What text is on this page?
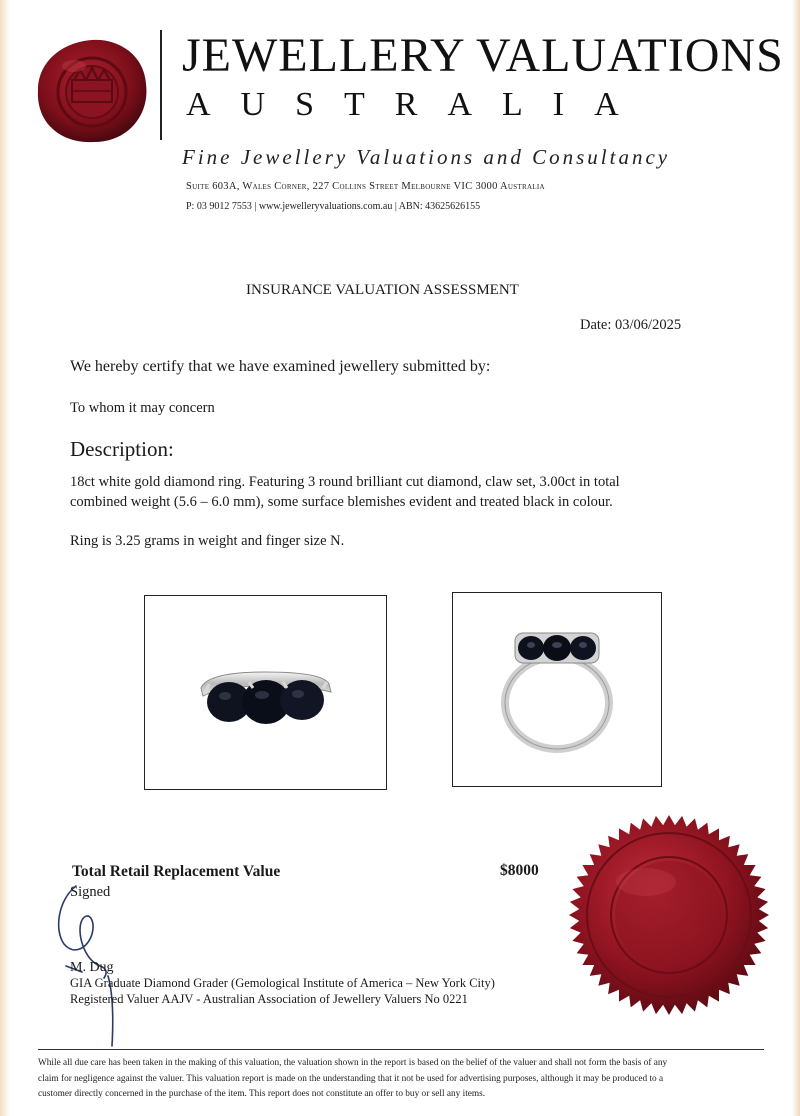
JEWELLERY VALUATIONS
AUSTRALIA
Fine Jewellery Valuations and Consultancy
Suite 603A, Wales Corner, 227 Collins Street Melbourne VIC 3000 Australia
P: 03 9012 7553 | www.jewelleryvaluations.com.au | ABN: 43625626155
INSURANCE VALUATION ASSESSMENT
Date: 03/06/2025
We hereby certify that we have examined jewellery submitted by:
To whom it may concern
Description:
18ct white gold diamond ring. Featuring 3 round brilliant cut diamond, claw set, 3.00ct in total
combined weight (5.6 – 6.0 mm), some surface blemishes evident and treated black in colour.
Ring is 3.25 grams in weight and finger size N.
Total Retail Replacement Value	$8000
Signed
M. Dug
GIA Graduate Diamond Grader (Gemological Institute of America – New York City)
Registered Valuer AAJV - Australian Association of Jewellery Valuers No 0221
While all due care has been taken in the making of this valuation, the valuation shown in the report is based on the belief of the valuer and shall not form the basis of any
claim for negligence against the valuer. This valuation report is made on the understanding that it not be used for advertising purposes, although it may be produced to a
customer directly concerned in the purchase of the item. This report does not constitute an offer to buy or sell any items.
